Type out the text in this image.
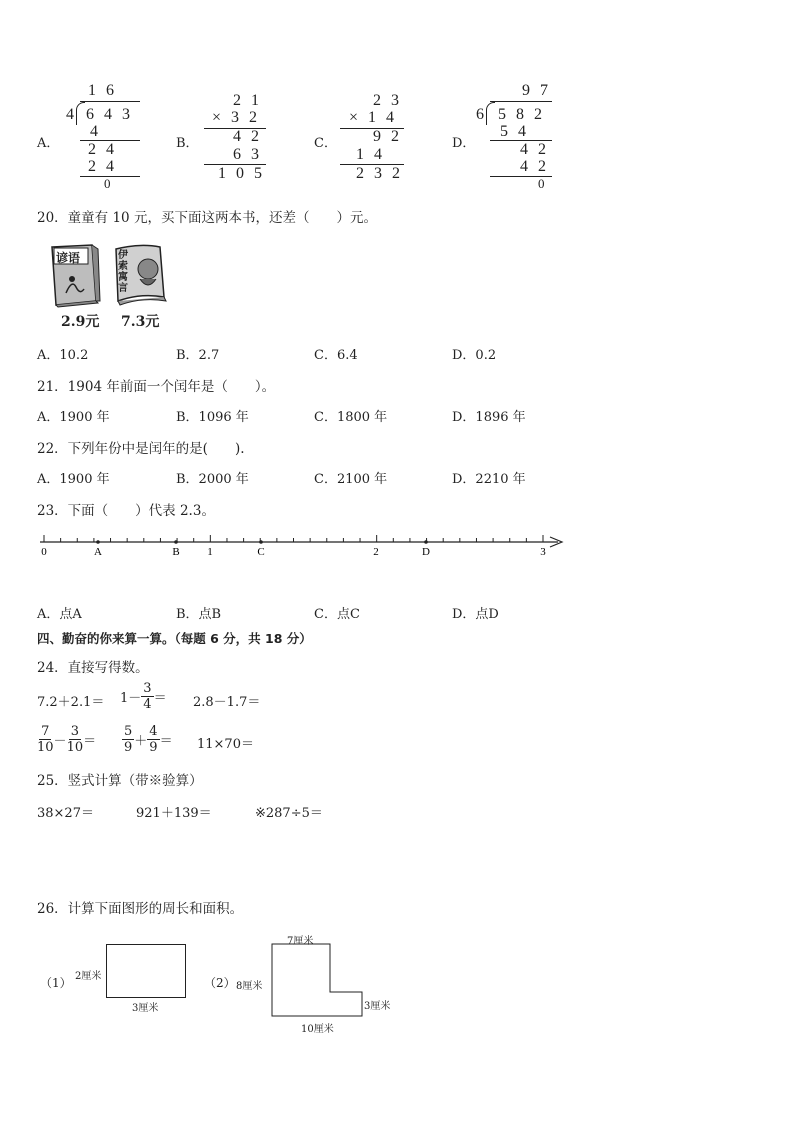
A．
1 6
4 6 4 3
4
2 4
2 4
0
B．
2 1
× 3 2
4 2
6 3
1 0 5
C．
2 3
× 1 4
9 2
1 4
2 3 2
D．
9 7
6 5 8 2
5 4
4 2
4 2
0
20．童童有 10 元，买下面这两本书，还差（　　）元。
谚语
2.9元
伊索寓言
7.3元
A．10.2	B．2.7	C．6.4	D．0.2
21．1904 年前面一个闰年是（　　）。
A．1900 年	B．1096 年	C．1800 年	D．1896 年
22．下列年份中是闰年的是(　　).
A．1900 年	B．2000 年	C．2100 年	D．2210 年
23．下面（　　）代表 2.3。
0	A	B	1	C	2	D	3
A．点A	B．点B	C．点C	D．点D
四、勤奋的你来算一算。（每题 6 分，共 18 分）
24．直接写得数。
$7.2+2.1= 1- \frac{3}{4} = 2.8-1.7=$
$\frac{7}{10} - \frac{3}{10} = \frac{5}{9} + \frac{4}{9} = 11\times 70=$
25．竖式计算（带※验算）
38×27＝	921＋139＝	※287÷5＝
26．计算下面图形的周长和面积。
（1） 2厘米
3厘米
（2）
7厘米
8厘米
3厘米
10厘米
